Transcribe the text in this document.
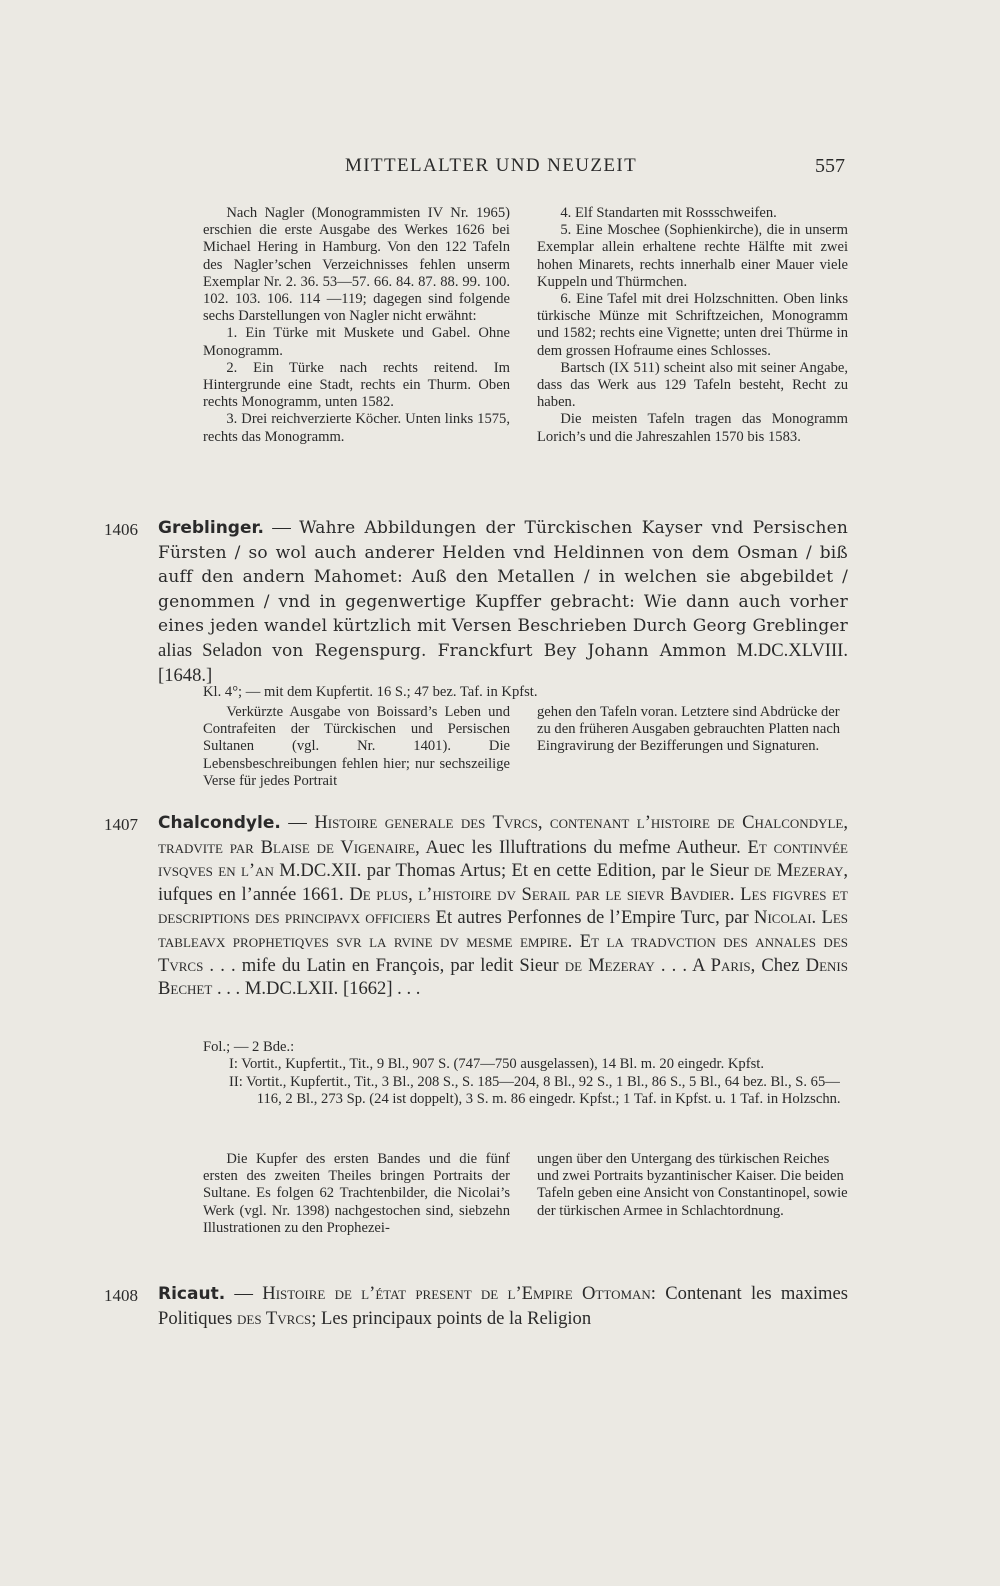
MITTELALTER UND NEUZEIT	557

Nach Nagler (Monogrammisten IV Nr. 1965) erschien die erste Ausgabe des Werkes 1626 bei Michael Hering in Hamburg. Von den 122 Tafeln des Nagler’schen Verzeichnisses fehlen unserm Exemplar Nr. 2. 36. 53—57. 66. 84. 87. 88. 99. 100. 102. 103. 106. 114 —119; dagegen sind folgende sechs Darstellungen von Nagler nicht erwähnt:

1. Ein Türke mit Muskete und Gabel. Ohne Monogramm.

2. Ein Türke nach rechts reitend. Im Hintergrunde eine Stadt, rechts ein Thurm. Oben rechts Monogramm, unten 1582.

3. Drei reichverzierte Köcher. Unten links 1575, rechts das Monogramm.

4. Elf Standarten mit Rossschweifen.

5. Eine Moschee (Sophienkirche), die in unserm Exemplar allein erhaltene rechte Hälfte mit zwei hohen Minarets, rechts innerhalb einer Mauer viele Kuppeln und Thürmchen.

6. Eine Tafel mit drei Holzschnitten. Oben links türkische Münze mit Schriftzeichen, Monogramm und 1582; rechts eine Vignette; unten drei Thürme in dem grossen Hofraume eines Schlosses.

Bartsch (IX 511) scheint also mit seiner Angabe, dass das Werk aus 129 Tafeln besteht, Recht zu haben.

Die meisten Tafeln tragen das Monogramm Lorich’s und die Jahreszahlen 1570 bis 1583.

1406 Greblinger. — Wahre Abbildungen der Türckischen Kayser vnd Persischen Fürsten / so wol auch anderer Helden vnd Heldinnen von dem Osman / biß auff den andern Mahomet: Auß den Metallen / in welchen sie abgebildet / genommen / vnd in gegenwertige Kupffer gebracht: Wie dann auch vorher eines jeden wandel kürtzlich mit Versen Beschrieben Durch Georg Greblinger alias Seladon von Regenspurg. Franckfurt Bey Johann Ammon M.DC.XLVIII. [1648.]

Kl. 4°; — mit dem Kupfertit. 16 S.; 47 bez. Taf. in Kpfst.

Verkürzte Ausgabe von Boissard’s Leben und Contrafeiten der Türckischen und Persischen Sultanen (vgl. Nr. 1401). Die Lebensbeschreibungen fehlen hier; nur sechszeilige Verse für jedes Portrait

gehen den Tafeln voran. Letztere sind Abdrücke der zu den früheren Ausgaben gebrauchten Platten nach Eingravirung der Bezifferungen und Signaturen.

1407 Chalcondyle. — Histoire generale des Tvrcs, contenant l’histoire de Chalcondyle, tradvite par Blaise de Vigenaire, Auec les Illuftrations du mefme Autheur. Et continvée ivsqves en l’an M.DC.XII. par Thomas Artus; Et en cette Edition, par le Sieur de Mezeray, iufques en l’année 1661. De plus, l’histoire dv Serail par le sievr Bavdier. Les figvres et descriptions des principavx officiers Et autres Perfonnes de l’Empire Turc, par Nicolai. Les tableavx prophetiqves svr la rvine dv mesme empire. Et la tradvction des annales des Tvrcs . . . mife du Latin en François, par ledit Sieur de Mezeray . . . A Paris, Chez Denis Bechet . . . M.DC.LXII. [1662] . . .

Fol.; — 2 Bde.:

I: Vortit., Kupfertit., Tit., 9 Bl., 907 S. (747—750 ausgelassen), 14 Bl. m. 20 eingedr. Kpfst.

II: Vortit., Kupfertit., Tit., 3 Bl., 208 S., S. 185—204, 8 Bl., 92 S., 1 Bl., 86 S., 5 Bl., 64 bez. Bl., S. 65—116, 2 Bl., 273 Sp. (24 ist doppelt), 3 S. m. 86 eingedr. Kpfst.; 1 Taf. in Kpfst. u. 1 Taf. in Holzschn.

Die Kupfer des ersten Bandes und die fünf ersten des zweiten Theiles bringen Portraits der Sultane. Es folgen 62 Trachtenbilder, die Nicolai’s Werk (vgl. Nr. 1398) nachgestochen sind, siebzehn Illustrationen zu den Prophezei-

ungen über den Untergang des türkischen Reiches und zwei Portraits byzantinischer Kaiser. Die beiden Tafeln geben eine Ansicht von Constantinopel, sowie der türkischen Armee in Schlachtordnung.

1408 Ricaut. — Histoire de l’état present de l’Empire Ottoman: Contenant les maximes Politiques des Tvrcs; Les principaux points de la Religion
